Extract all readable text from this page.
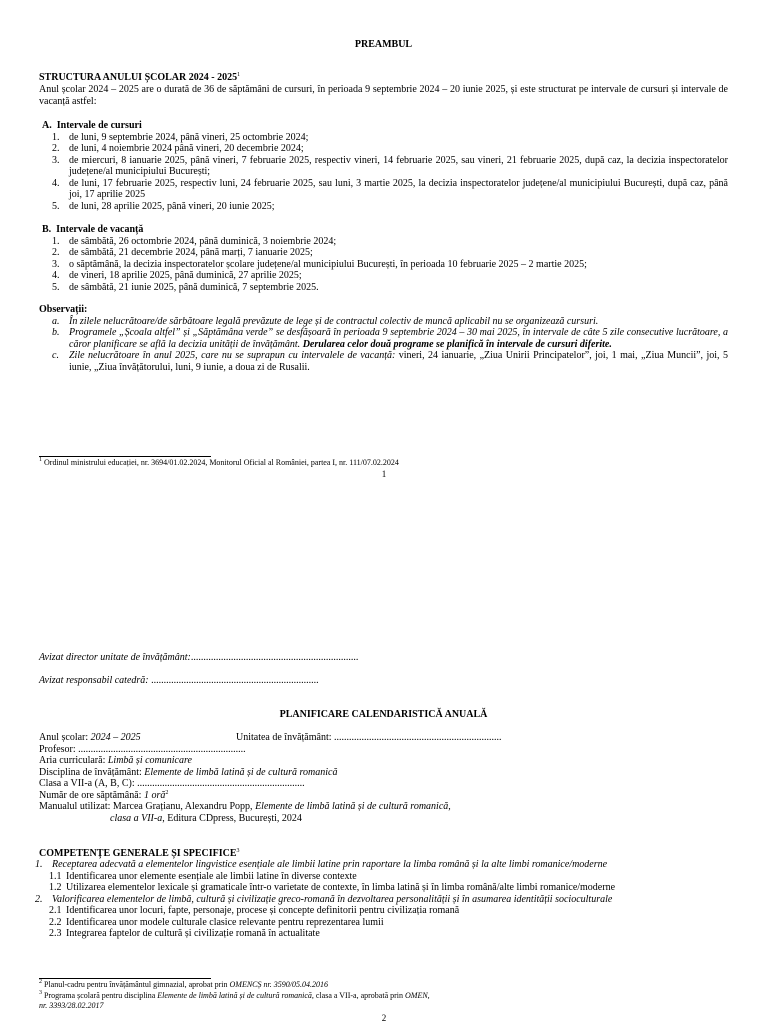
PREAMBUL
STRUCTURA ANULUI ȘCOLAR 2024 - 2025$^1$
Anul școlar 2024 – 2025 are o durată de 36 de săptămâni de cursuri, în perioada 9 septembrie 2024 – 20 iunie 2025, și este structurat pe intervale de cursuri și intervale de vacanță astfel:
A. Intervale de cursuri
1. de luni, 9 septembrie 2024, până vineri, 25 octombrie 2024;
2. de luni, 4 noiembrie 2024 până vineri, 20 decembrie 2024;
3. de miercuri, 8 ianuarie 2025, până vineri, 7 februarie 2025, respectiv vineri, 14 februarie 2025, sau vineri, 21 februarie 2025, după caz, la decizia inspectoratelor județene/al municipiului București;
4. de luni, 17 februarie 2025, respectiv luni, 24 februarie 2025, sau luni, 3 martie 2025, la decizia inspectoratelor județene/al municipiului București, după caz, până joi, 17 aprilie 2025
5. de luni, 28 aprilie 2025, până vineri, 20 iunie 2025;
B. Intervale de vacanță
1. de sâmbătă, 26 octombrie 2024, până duminică, 3 noiembrie 2024;
2. de sâmbătă, 21 decembrie 2024, până marți, 7 ianuarie 2025;
3. o săptămână, la decizia inspectoratelor școlare județene/al municipiului București, în perioada 10 februarie 2025 – 2 martie 2025;
4. de vineri, 18 aprilie 2025, până duminică, 27 aprilie 2025;
5. de sâmbătă, 21 iunie 2025, până duminică, 7 septembrie 2025.
Observații:
a. În zilele nelucrătoare/de sărbătoare legală prevăzute de lege și de contractul colectiv de muncă aplicabil nu se organizează cursuri.
b. Programele „Școala altfel” și „Săptămâna verde” se desfășoară în perioada 9 septembrie 2024 – 30 mai 2025, în intervale de câte 5 zile consecutive lucrătoare, a căror planificare se află la decizia unității de învățământ. Derularea celor două programe se planifică în intervale de cursuri diferite.
c. Zile nelucrătoare în anul 2025, care nu se suprapun cu intervalele de vacanță: vineri, 24 ianuarie, „Ziua Unirii Principatelor”, joi, 1 mai, „Ziua Muncii”, joi, 5 iunie, „Ziua învățătorului, luni, 9 iunie, a doua zi de Rusalii.
$^1$ Ordinul ministrului educației, nr. 3694/01.02.2024, Monitorul Oficial al României, partea I, nr. 111/07.02.2024
1
Avizat director unitate de învățământ:...................................................................
Avizat responsabil catedră: ...................................................................
PLANIFICARE CALENDARISTICĂ ANUALĂ
Anul școlar: 2024 – 2025	Unitatea de învățământ: ...................................................................
Profesor: ...................................................................
Aria curriculară: Limbă și comunicare
Disciplina de învățământ: Elemente de limbă latină și de cultură romanică
Clasa a VII-a (A, B, C): ...................................................................
Număr de ore săptămână: 1 oră$^2$
Manualul utilizat: Marcea Grațianu, Alexandru Popp, Elemente de limbă latină și de cultură romanică,
clasa a VII-a, Editura CDpress, București, 2024
COMPETENȚE GENERALE ȘI SPECIFICE$^3$
1. Receptarea adecvată a elementelor lingvistice esențiale ale limbii latine prin raportare la limba română și la alte limbi romanice/moderne
1.1 Identificarea unor elemente esențiale ale limbii latine în diverse contexte
1.2 Utilizarea elementelor lexicale și gramaticale într-o varietate de contexte, în limba latină și în limba română/alte limbi romanice/moderne
2. Valorificarea elementelor de limbă, cultură și civilizație greco-romană în dezvoltarea personalității și în asumarea identității socioculturale
2.1 Identificarea unor locuri, fapte, personaje, procese și concepte definitorii pentru civilizația romană
2.2 Identificarea unor modele culturale clasice relevante pentru reprezentarea lumii
2.3 Integrarea faptelor de cultură și civilizație romană în actualitate
$^2$ Planul-cadru pentru învățământul gimnazial, aprobat prin OMENCȘ nr. 3590/05.04.2016
$^3$ Programa școlară pentru disciplina Elemente de limbă latină și de cultură romanică, clasa a VII-a, aprobată prin OMEN,
nr. 3393/28.02.2017
2
